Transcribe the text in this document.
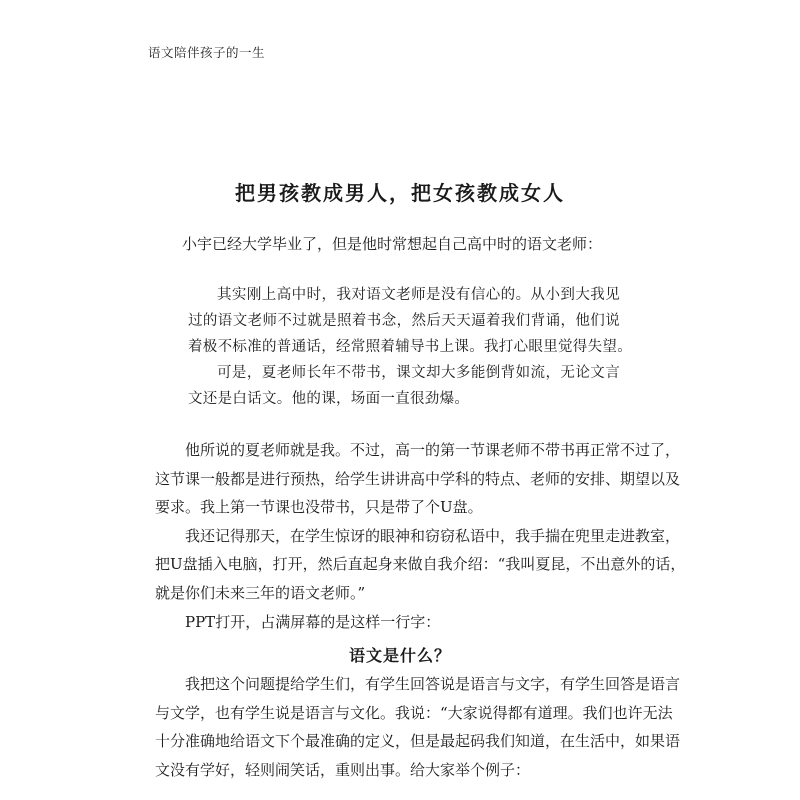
语文陪伴孩子的一生
把男孩教成男人，把女孩教成女人
小宇已经大学毕业了，但是他时常想起自己高中时的语文老师：
其实刚上高中时，我对语文老师是没有信心的。从小到大我见
过的语文老师不过就是照着书念，然后天天逼着我们背诵，他们说
着极不标准的普通话，经常照着辅导书上课。我打心眼里觉得失望。
可是，夏老师长年不带书，课文却大多能倒背如流，无论文言
文还是白话文。他的课，场面一直很劲爆。
他所说的夏老师就是我。不过，高一的第一节课老师不带书再正常不过了，
这节课一般都是进行预热，给学生讲讲高中学科的特点、老师的安排、期望以及
要求。我上第一节课也没带书，只是带了个U盘。
我还记得那天，在学生惊讶的眼神和窃窃私语中，我手揣在兜里走进教室，
把U盘插入电脑，打开，然后直起身来做自我介绍：“我叫夏昆，不出意外的话，
就是你们未来三年的语文老师。”
PPT打开，占满屏幕的是这样一行字：
语文是什么？
我把这个问题提给学生们，有学生回答说是语言与文字，有学生回答是语言
与文学，也有学生说是语言与文化。我说：“大家说得都有道理。我们也许无法
十分准确地给语文下个最准确的定义，但是最起码我们知道，在生活中，如果语
文没有学好，轻则闹笑话，重则出事。给大家举个例子：
